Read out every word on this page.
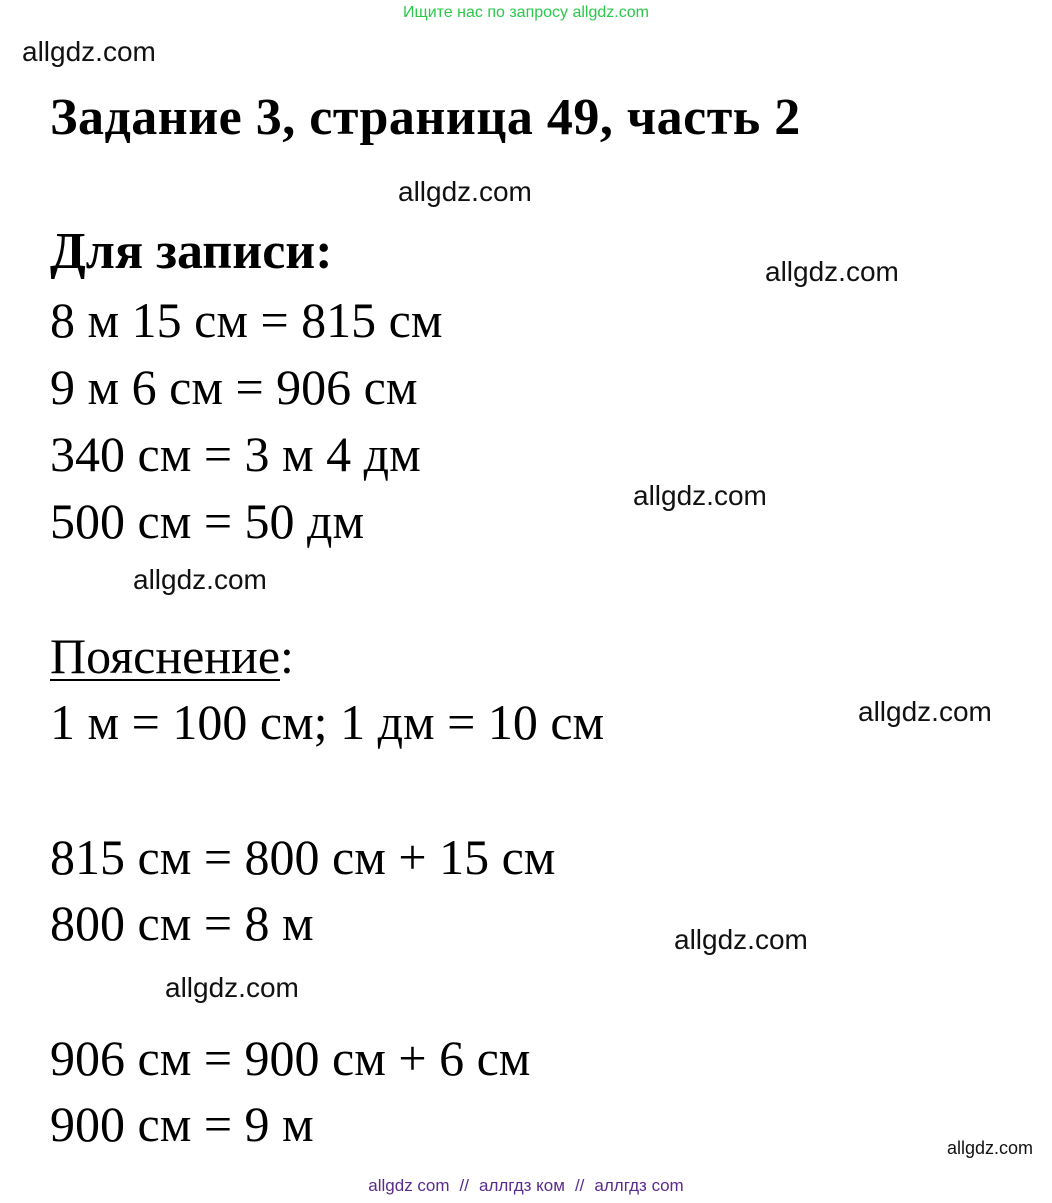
Ищите нас по запросу allgdz.com
allgdz.com
Задание 3, страница 49, часть 2
allgdz.com
Для записи:	allgdz.com
8 м 15 см = 815 см
9 м 6 см = 906 см
340 см = 3 м 4 дм
500 см = 50 дм	allgdz.com
allgdz.com
Пояснение:
1 м = 100 см; 1 дм = 10 см	allgdz.com
815 см = 800 см + 15 см
800 см = 8 м	allgdz.com
allgdz.com
906 см = 900 см + 6 см
900 см = 9 м	allgdz.com
allgdz com // аллгдз ком // аллгдз com
